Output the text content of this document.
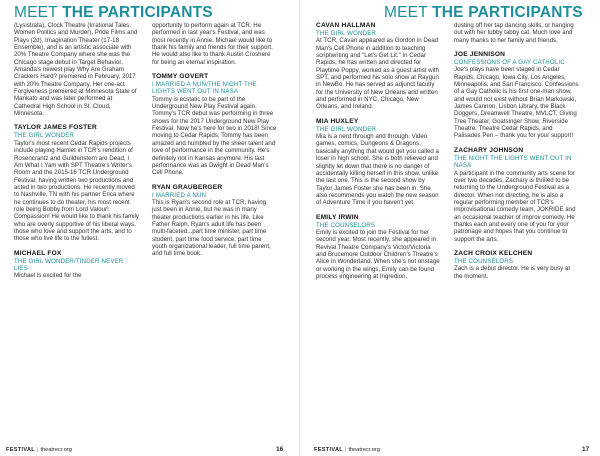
MEET THE PARTICIPANTS

(Lysistrata), Clock Theatre (Irrational Tales, Women Politics and Murder), Pride Films and Plays (2d), Imagination Theater (17-18 Ensemble), and is an artistic associate with 20% Theatre Company where she was the Chicago stage debut in Target Behavior. Amanda's newest play Why Are Graham Crackers Hard? premiered in February, 2017 with 20% Theatre Company. Her one-act Forgiveness premiered at Minnesota State of Mankato and was later performed at Cathedral High School in St. Cloud, Minnesota.

TAYLOR JAMES FOSTER
THE GIRL WONDER

Taylor's most recent Cedar Rapids projects include playing Hamlet in TCR's rendition of Rosencrantz and Guildenstern are Dead, I Am What I Yam with SPT Theatre's Writer's Room and the 2015-16 TCR Underground Festival, having written two productions and acted in two productions. He recently moved to Nashville, TN with his partner Erica where he continues to do theater, his most recent role being Bobby from Lord Valour! Compassion! He would like to thank his family who are overly supportive of his liberal ways, those who love and support the arts, and to those who live life to the fullest.

MICHAEL FOX
THE GIRL WONDER/TINDER NEVER LIES

Michael is excited for the

opportunity to perform again at TCR. He performed in last year's Festival, and was most recently in Annie. Michael would like to thank his family and friends for their support. He would also like to thank Austin Croshere for being an eternal inspiration.

TOMMY GOVERT
I MARRIED A NUN/THE NIGHT THE LIGHTS WENT OUT IN NASA

Tommy is ecstatic to be part of the Underground New Play Festival again. Tommy's TCR debut was performing in three shows for the 2017 Underground New Play Festival. Now he's here for two in 2018! Since moving to Cedar Rapids, Tommy has been amazed and humbled by the sheer talent and love of performance in the community. He's definitely not in Kansas anymore. His last performance was as Dwight in Dead Man's Cell Phone.

RYAN GRAUBERGER
I MARRIED A NUN

This is Ryan's second role at TCR, having just been in Annie, but he was in many theater productions earlier in his life. Like Father Ralph, Ryan's adult life has been multi-faceted...part time minister, part time student, part time food service, part time youth organizational leader, full time parent, and full time book.

FESTIVAL | theatrecr.org	16
MEET THE PARTICIPANTS
CAVAN HALLMAN
THE GIRL WONDER

At TCR, Cavan appeared as Gordon in Dead Man's Cell Phone in addition to teaching scriptwriting and "Let's Get Lit." In Cedar Rapids, he has written and directed for Playtime Poppy, worked as a guest artist with SPT, and performed his solo show at Raygun in NewBo. He has served as adjunct faculty for the University of New Orleans and written and performed in NYC, Chicago, New Orleans, and Ireland.

MIA HUXLEY
THE GIRL WONDER

Mia is a nerd through and through. Video games, comics, Dungeons & Dragons, basically anything that would get you called a loser in high school. She is both relieved and slightly let down that there is no danger of accidentally killing herself in this show, unlike the last one. This is the second show by Taylor James Foster she has been in. She also recommends you watch the new season of Adventure Time if you haven't yet.

EMILY IRWIN
THE COUNSELORS

Emily is excited to join the Festival for her second year. Most recently, she appeared in Revival Theatre Company's Victor/Victoria and Brucemore Outdoor Children's Theatre's Alice in Wonderland. When she's not onstage or working in the wings, Emily can be found process engineering at Ingredion,

dusting off her tap dancing skills, or hanging out with her tubby tabby cat. Much love and many thanks to her family and friends.

JOE JENNISON
CONFESSIONS OF A GAY CATHOLIC

Joe's plays have been staged in Cedar Rapids, Chicago, Iowa City, Los Angeles, Minneapolis, and San Francisco. Confessions of a Gay Catholic is his first one-man show, and would not exist without Brian Markowski, James Cannon, Lisbon Library, the Black Doggers, Dreamwell Theatre, MVLCT, Giving Tree Theater, Goatsinger Show, Riverside Theatre, Theatre Cedar Rapids, and Palisades Pen – thank you for your support!

ZACHARY JOHNSON
THE NIGHT THE LIGHTS WENT OUT IN NASA

A participant in the community arts scene for over two decades, Zachary is thrilled to be returning to the Underground Festival as a director. When not directing, he is also a regular performing member of TCR's improvisational comedy team, JOKRIDE and an occasional teacher of improv comedy. He thanks each and every one of you for your patronage and hopes that you continue to support the arts.

ZACH CROIX KELCHEN
THE COUNSELORS

Zach is a debut director. He is very busy at the moment.

FESTIVAL | theatrecr.org	17
